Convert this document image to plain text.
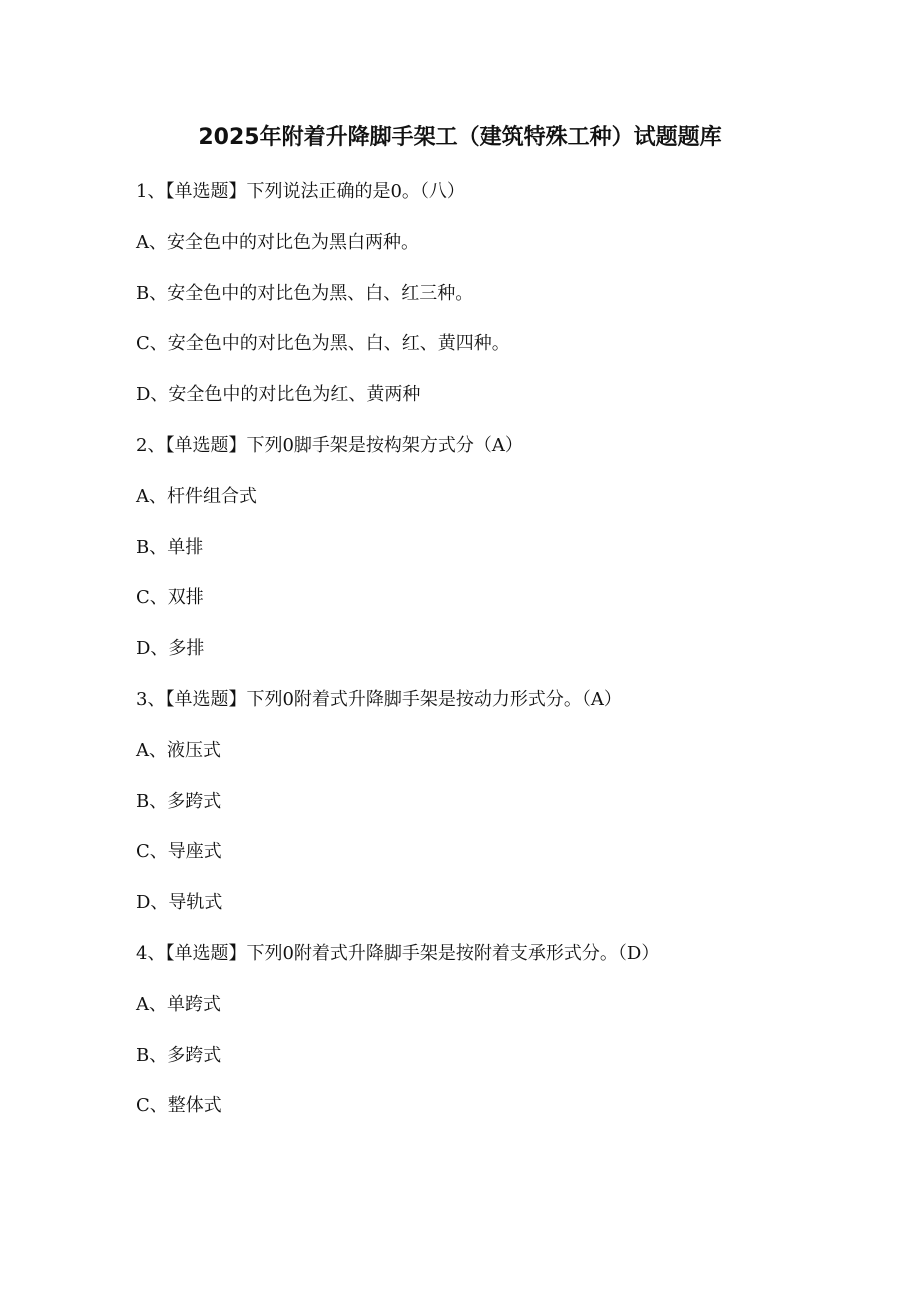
2025年附着升降脚手架工（建筑特殊工种）试题题库
1、【单选题】下列说法正确的是0。（八）
A、安全色中的对比色为黑白两种。
B、安全色中的对比色为黑、白、红三种。
C、安全色中的对比色为黑、白、红、黄四种。
D、安全色中的对比色为红、黄两种
2、【单选题】下列0脚手架是按构架方式分（A）
A、杆件组合式
B、单排
C、双排
D、多排
3、【单选题】下列0附着式升降脚手架是按动力形式分。（A）
A、液压式
B、多跨式
C、导座式
D、导轨式
4、【单选题】下列0附着式升降脚手架是按附着支承形式分。（D）
A、单跨式
B、多跨式
C、整体式
